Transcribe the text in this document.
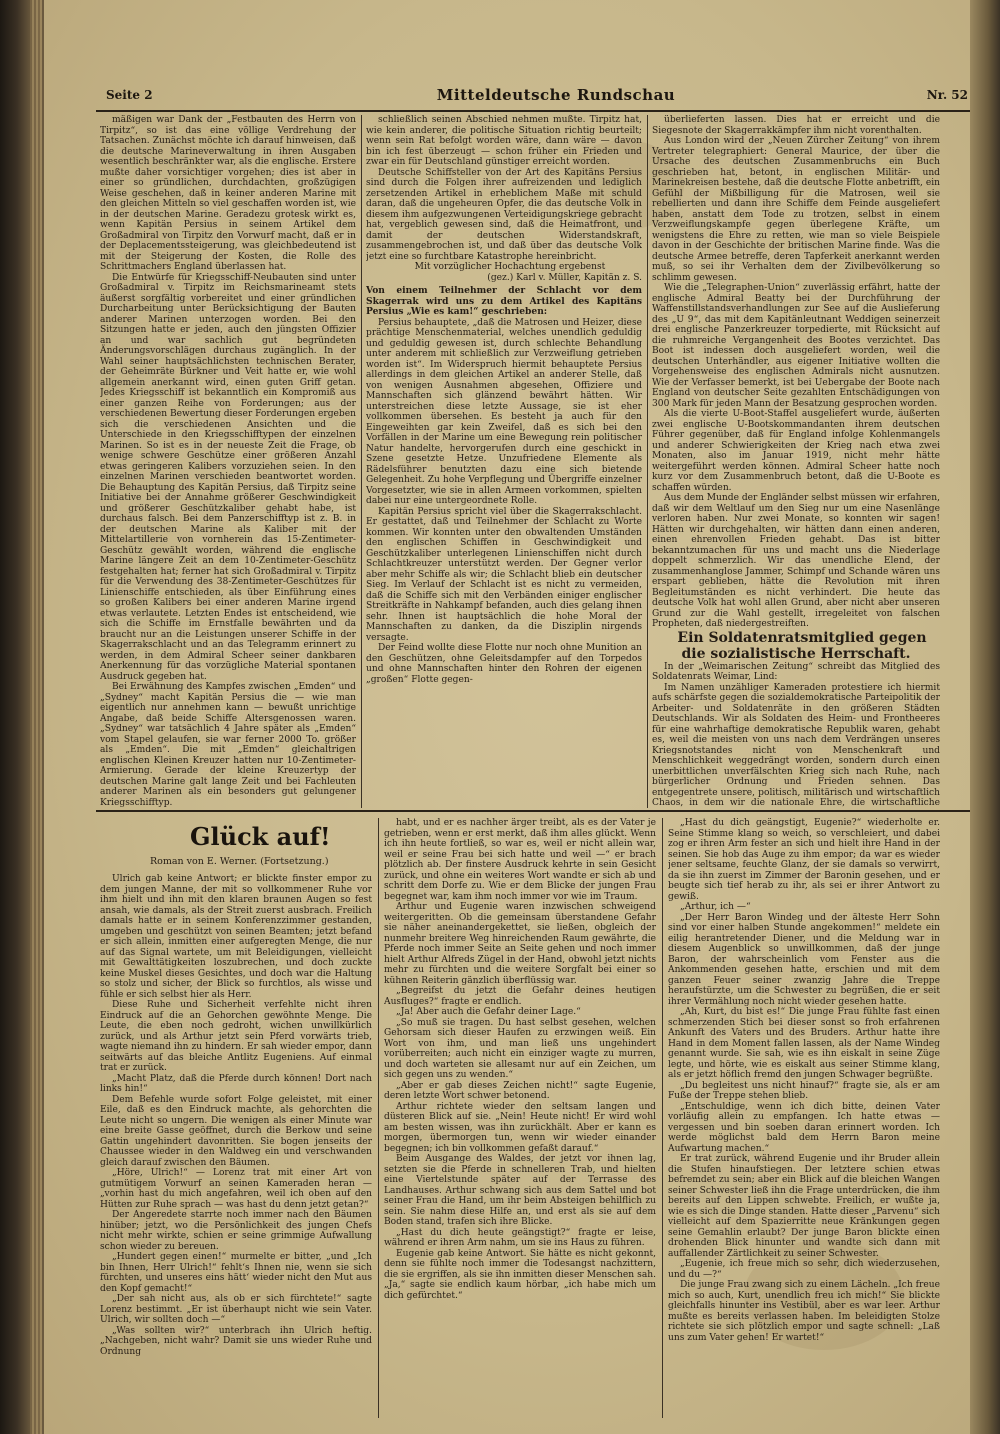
Seite 2	Mitteldeutsche Rundschau	Nr. 52

mäßigen war Dank der „Festbauten des Herrn von Tirpitz“, so ist das eine völlige Verdrehung der Tatsachen. Zunächst möchte ich darauf hinweisen, daß die deutsche Marineverwaltung in ihren Ausgaben wesentlich beschränkter war, als die englische. Erstere mußte daher vorsichtiger vorgehen; dies ist aber in einer so gründlichen, durchdachten, großzügigen Weise geschehen, daß in keiner anderen Marine mit den gleichen Mitteln so viel geschaffen worden ist, wie in der deutschen Marine. Geradezu grotesk wirkt es, wenn Kapitän Persius in seinem Artikel dem Großadmiral von Tirpitz den Vorwurf macht, daß er in der Deplacementssteigerung, was gleichbedeutend ist mit der Steigerung der Kosten, die Rolle des Schrittmachers England überlassen hat.

Die Entwürfe für Kriegsschiff-Neubauten sind unter Großadmiral v. Tirpitz im Reichsmarineamt stets äußerst sorgfältig vorbereitet und einer gründlichen Durcharbeitung unter Berücksichtigung der Bauten anderer Marinen unterzogen worden. Bei den Sitzungen hatte er jeden, auch den jüngsten Offizier an und war sachlich gut begründeten Änderungsvorschlägen durchaus zugänglich. In der Wahl seiner hauptsächlichsten technischen Berater, der Geheimräte Bürkner und Veit hatte er, wie wohl allgemein anerkannt wird, einen guten Griff getan. Jedes Kriegsschiff ist bekanntlich ein Kompromiß aus einer ganzen Reihe von Forderungen; aus der verschiedenen Bewertung dieser Forderungen ergeben sich die verschiedenen Ansichten und die Unterschiede in den Kriegsschifftypen der einzelnen Marinen. So ist es in der neueste Zeit die Frage, ob wenige schwere Geschütze einer größeren Anzahl etwas geringeren Kalibers vorzuziehen seien. In den einzelnen Marinen verschieden beantwortet worden. Die Behauptung des Kapitän Persius, daß Tirpitz seine Initiative bei der Annahme größerer Geschwindigkeit und größerer Geschützkaliber gehabt habe, ist durchaus falsch. Bei dem Panzerschifftyp ist z. B. in der deutschen Marine als Kaliber mit der Mittelartillerie von vornherein das 15-Zentimeter-Geschütz gewählt worden, während die englische Marine längere Zeit an dem 10-Zentimeter-Geschütz festgehalten hat; ferner hat sich Großadmiral v. Tirpitz für die Verwendung des 38-Zentimeter-Geschützes für Linienschiffe entschieden, als über Einführung eines so großen Kalibers bei einer anderen Marine irgend etwas verlautete. Letzten Endes ist entscheidend, wie sich die Schiffe im Ernstfalle bewährten und da braucht nur an die Leistungen unserer Schiffe in der Skagerrakschlacht und an das Telegramm erinnert zu werden, in dem Admiral Scheer seiner dankbaren Anerkennung für das vorzügliche Material spontanen Ausdruck gegeben hat.

Bei Erwähnung des Kampfes zwischen „Emden“ und „Sydney“ macht Kapitän Persius die — wie man eigentlich nur annehmen kann — bewußt unrichtige Angabe, daß beide Schiffe Altersgenossen waren. „Sydney“ war tatsächlich 4 Jahre später als „Emden“ vom Stapel gelaufen, sie war ferner 2000 To. größer als „Emden“. Die mit „Emden“ gleichaltrigen englischen Kleinen Kreuzer hatten nur 10-Zentimeter-Armierung. Gerade der kleine Kreuzertyp der deutschen Marine galt lange Zeit und bei Fachleuten anderer Marinen als ein besonders gut gelungener Kriegsschifftyp.

schließlich seinen Abschied nehmen mußte. Tirpitz hat, wie kein anderer, die politische Situation richtig beurteilt; wenn sein Rat befolgt worden wäre, dann wäre — davon bin ich fest überzeugt — schon früher ein Frieden und zwar ein für Deutschland günstiger erreicht worden.

Deutsche Schiffsteller von der Art des Kapitäns Persius sind durch die Folgen ihrer aufreizenden und lediglich zersetzenden Artikel in erheblichem Maße mit schuld daran, daß die ungeheuren Opfer, die das deutsche Volk in diesem ihm aufgezwungenen Verteidigungskriege gebracht hat, vergeblich gewesen sind, daß die Heimatfront, und damit der deutschen Widerstandskraft, zusammengebrochen ist, und daß über das deutsche Volk jetzt eine so furchtbare Katastrophe hereinbricht.

Mit vorzüglicher Hochachtung ergebenst

(gez.) Karl v. Müller, Kapitän z. S.

Von einem Teilnehmer der Schlacht vor dem Skagerrak wird uns zu dem Artikel des Kapitäns Persius „Wie es kam!“ geschrieben:

Persius behauptete, „daß die Matrosen und Heizer, diese prächtige Menschenmaterial, welches unendlich geduldig und geduldig gewesen ist, durch schlechte Behandlung unter anderem mit schließlich zur Verzweiflung getrieben worden ist“. Im Widerspruch hiermit behauptete Persius allerdings in dem gleichen Artikel an anderer Stelle, daß von wenigen Ausnahmen abgesehen, Offiziere und Mannschaften sich glänzend bewährt hätten. Wir unterstreichen diese letzte Aussage, sie ist eher vollkommen übersehen. Es besteht ja auch für den Eingeweihten gar kein Zweifel, daß es sich bei den Vorfällen in der Marine um eine Bewegung rein politischer Natur handelte, hervorgerufen durch eine geschickt in Szene gesetzte Hetze. Unzufriedene Elemente als Rädelsführer benutzten dazu eine sich bietende Gelegenheit. Zu hohe Verpflegung und Übergriffe einzelner Vorgesetzter, wie sie in allen Armeen vorkommen, spielten dabei nur eine untergeordnete Rolle.

Kapitän Persius spricht viel über die Skagerrakschlacht. Er gestattet, daß und Teilnehmer der Schlacht zu Worte kommen. Wir konnten unter den obwaltenden Umständen den englischen Schiffen in Geschwindigkeit und Geschützkaliber unterlegenen Linienschiffen nicht durch Schlachtkreuzer unterstützt werden. Der Gegner verlor aber mehr Schiffe als wir; die Schlacht blieb ein deutscher Sieg. Im Verlauf der Schlacht ist es nicht zu vermeiden, daß die Schiffe sich mit den Verbänden einiger englischer Streitkräfte in Nahkampf befanden, auch dies gelang ihnen sehr. Ihnen ist hauptsächlich die hohe Moral der Mannschaften zu danken, da die Disziplin nirgends versagte.

Der Feind wollte diese Flotte nur noch ohne Munition an den Geschützen, ohne Geleitsdampfer auf den Torpedos und ohne Mannschaften hinter den Rohren der eigenen „großen“ Flotte gegen-

überlieferten lassen. Dies hat er erreicht und die Siegesnote der Skagerrakkämpfer ihm nicht vorenthalten.

Aus London wird der „Neuen Zürcher Zeitung“ von ihrem Vertreter telegraphiert: General Maurice, der über die Ursache des deutschen Zusammenbruchs ein Buch geschrieben hat, betont, in englischen Militär- und Marinekreisen bestehe, daß die deutsche Flotte anbetrifft, ein Gefühl der Mißbilligung für die Matrosen, weil sie rebellierten und dann ihre Schiffe dem Feinde ausgeliefert haben, anstatt dem Tode zu trotzen, selbst in einem Verzweiflungskampfe gegen überlegene Kräfte, um wenigstens die Ehre zu retten, wie man so viele Beispiele davon in der Geschichte der britischen Marine finde. Was die deutsche Armee betreffe, deren Tapferkeit anerkannt werden muß, so sei ihr Verhalten dem der Zivilbevölkerung so schlimm gewesen.

Wie die „Telegraphen-Union“ zuverlässig erfährt, hatte der englische Admiral Beatty bei der Durchführung der Waffenstillstandsverhandlungen zur See auf die Auslieferung des „U 9“, das mit dem Kapitänleutnant Weddigen seinerzeit drei englische Panzerkreuzer torpedierte, mit Rücksicht auf die ruhmreiche Vergangenheit des Bootes verzichtet. Das Boot ist indessen doch ausgeliefert worden, weil die deutschen Unterhändler, aus eigener Initiative wollten die Vorgehensweise des englischen Admirals nicht ausnutzen. Wie der Verfasser bemerkt, ist bei Uebergabe der Boote nach England von deutscher Seite gezahlten Entschädigungen von 300 Mark für jeden Mann der Besatzung gesprochen worden.

Als die vierte U-Boot-Staffel ausgeliefert wurde, äußerten zwei englische U-Bootskommandanten ihrem deutschen Führer gegenüber, daß für England infolge Kohlenmangels und anderer Schwierigkeiten der Krieg nach etwa zwei Monaten, also im Januar 1919, nicht mehr hätte weitergeführt werden können. Admiral Scheer hatte noch kurz vor dem Zusammenbruch betont, daß die U-Boote es schaffen würden.

Aus dem Munde der Engländer selbst müssen wir erfahren, daß wir dem Weltlauf um den Sieg nur um eine Nasenlänge verloren haben. Nur zwei Monate, so konnten wir sagen! Hätten wir durchgehalten, wir hätten dann einen anderen, einen ehrenvollen Frieden gehabt. Das ist bitter bekanntzumachen für uns und macht uns die Niederlage doppelt schmerzlich. Wir das unendliche Elend, der zusammenhanglose Jammer, Schimpf und Schande wären uns erspart geblieben, hätte die Revolution mit ihren Begleitumständen es nicht verhindert. Die heute das deutsche Volk hat wohl allen Grund, aber nicht aber unseren Grund zur die Wahl gestellt, irregeleitet von falschen Propheten, daß niedergestreiften.

Ein Soldatenratsmitglied gegen die sozialistische Herrschaft.

In der „Weimarischen Zeitung“ schreibt das Mitglied des Soldatenrats Weimar, Lind:

Im Namen unzähliger Kameraden protestiere ich hiermit aufs schärfste gegen die sozialdemokratische Parteipolitik der Arbeiter- und Soldatenräte in den größeren Städten Deutschlands. Wir als Soldaten des Heim- und Frontheeres für eine wahrhaftige demokratische Republik waren, gehabt es, weil die meisten von uns nach dem Verdrängen unseres Kriegsnotstandes nicht von Menschenkraft und Menschlichkeit weggedrängt worden, sondern durch einen unerbittlichen unverfälschten Krieg sich nach Ruhe, nach bürgerlicher Ordnung und Frieden sehnen. Das entgegentrete unsere, politisch, militärisch und wirtschaftlich Chaos, in dem wir die nationale Ehre, die wirtschaftliche

Glück auf!
Roman von E. Werner. (Fortsetzung.)

Ulrich gab keine Antwort; er blickte finster empor zu dem jungen Manne, der mit so vollkommener Ruhe vor ihm hielt und ihn mit den klaren braunen Augen so fest ansah, wie damals, als der Streit zuerst ausbrach. Freilich damals hatte er in seinem Konferenzzimmer gestanden, umgeben und geschützt von seinen Beamten; jetzt befand er sich allein, inmitten einer aufgeregten Menge, die nur auf das Signal wartete, um mit Beleidigungen, vielleicht mit Gewalttätigkeiten loszubrechen, und doch zuckte keine Muskel dieses Gesichtes, und doch war die Haltung so stolz und sicher, der Blick so furchtlos, als wisse und fühle er sich selbst hier als Herr.

Diese Ruhe und Sicherheit verfehlte nicht ihren Eindruck auf die an Gehorchen gewöhnte Menge. Die Leute, die eben noch gedroht, wichen unwillkürlich zurück, und als Arthur jetzt sein Pferd vorwärts trieb, wagte niemand ihn zu hindern. Er sah wieder empor, dann seitwärts auf das bleiche Antlitz Eugeniens. Auf einmal trat er zurück.

„Macht Platz, daß die Pferde durch können! Dort nach links hin!“

Dem Befehle wurde sofort Folge geleistet, mit einer Eile, daß es den Eindruck machte, als gehorchten die Leute nicht so ungern. Die wenigen als einer Minute war eine breite Gasse geöffnet, durch die Berkow und seine Gattin ungehindert davonritten. Sie bogen jenseits der Chaussee wieder in den Waldweg ein und verschwanden gleich darauf zwischen den Bäumen.

„Höre, Ulrich!“ — Lorenz trat mit einer Art von gutmütigem Vorwurf an seinen Kameraden heran — „vorhin hast du mich angefahren, weil ich oben auf den Hütten zur Ruhe sprach — was hast du denn jetzt getan?“

Der Angeredete starrte noch immer nach den Bäumen hinüber; jetzt, wo die Persönlichkeit des jungen Chefs nicht mehr wirkte, schien er seine grimmige Aufwallung schon wieder zu bereuen.

„Hundert gegen einen!“ murmelte er bitter, „und „Ich bin Ihnen, Herr Ulrich!“ fehlt‘s Ihnen nie, wenn sie sich fürchten, und unseres eins hätt‘ wieder nicht den Mut aus den Kopf gemacht!“

„Der sah nicht aus, als ob er sich fürchtete!“ sagte Lorenz bestimmt. „Er ist überhaupt nicht wie sein Vater. Ulrich, wir sollten doch —“

„Was sollten wir?“ unterbrach ihn Ulrich heftig. „Nachgeben, nicht wahr? Damit sie uns wieder Ruhe und Ordnung

habt, und er es nachher ärger treibt, als es der Vater je getrieben, wenn er erst merkt, daß ihm alles glückt. Wenn ich ihn heute fortließ, so war es, weil er nicht allein war, weil er seine Frau bei sich hatte und weil —“ er brach plötzlich ab. Der finstere Ausdruck kehrte in sein Gesicht zurück, und ohne ein weiteres Wort wandte er sich ab und schritt dem Dorfe zu. Wie er dem Blicke der jungen Frau begegnet war, kam ihm noch immer vor wie im Traum.

Arthur und Eugenie waren inzwischen schweigend weitergeritten. Ob die gemeinsam überstandene Gefahr sie näher aneinandergekettet, sie ließen, obgleich der nunmehr breitere Weg hinreichenden Raum gewährte, die Pferde noch immer Seite an Seite gehen und noch immer hielt Arthur Alfreds Zügel in der Hand, obwohl jetzt nichts mehr zu fürchten und die weitere Sorgfalt bei einer so kühnen Reiterin gänzlich überflüssig war.

„Begreifst du jetzt die Gefahr deines heutigen Ausfluges?“ fragte er endlich.

„Ja! Aber auch die Gefahr deiner Lage.“

„So muß sie tragen. Du hast selbst gesehen, welchen Gehorsam sich dieser Haufen zu erzwingen weiß. Ein Wort von ihm, und man ließ uns ungehindert vorüberreiten; auch nicht ein einziger wagte zu murren, und doch warteten sie allesamt nur auf ein Zeichen, um sich gegen uns zu wenden.“

„Aber er gab dieses Zeichen nicht!“ sagte Eugenie, deren letzte Wort schwer betonend.

Arthur richtete wieder den seltsam langen und düsteren Blick auf sie. „Nein! Heute nicht! Er wird wohl am besten wissen, was ihn zurückhält. Aber er kann es morgen, übermorgen tun, wenn wir wieder einander begegnen; ich bin vollkommen gefaßt darauf.“

Beim Ausgange des Waldes, der jetzt vor ihnen lag, setzten sie die Pferde in schnelleren Trab, und hielten eine Viertelstunde später auf der Terrasse des Landhauses. Arthur schwang sich aus dem Sattel und bot seiner Frau die Hand, um ihr beim Absteigen behilflich zu sein. Sie nahm diese Hilfe an, und erst als sie auf dem Boden stand, trafen sich ihre Blicke.

„Hast du dich heute geängstigt?“ fragte er leise, während er ihren Arm nahm, um sie ins Haus zu führen.

Eugenie gab keine Antwort. Sie hätte es nicht gekonnt, denn sie fühlte noch immer die Todesangst nachzittern, die sie ergriffen, als sie ihn inmitten dieser Menschen sah. „Ja,“ sagte sie endlich kaum hörbar, „ich habe mich um dich gefürchtet.“

„Hast du dich geängstigt, Eugenie?“ wiederholte er. Seine Stimme klang so weich, so verschleiert, und dabei zog er ihren Arm fester an sich und hielt ihre Hand in der seinen. Sie hob das Auge zu ihm empor; da war es wieder jener seltsame, feuchte Glanz, der sie damals so verwirrt, da sie ihn zuerst im Zimmer der Baronin gesehen, und er beugte sich tief herab zu ihr, als sei er ihrer Antwort zu gewiß.

„Arthur, ich —“

„Der Herr Baron Windeg und der älteste Herr Sohn sind vor einer halben Stunde angekommen!“ meldete ein eilig herantretender Diener, und die Meldung war in diesem Augenblick so unwillkommen, daß der junge Baron, der wahrscheinlich vom Fenster aus die Ankommenden gesehen hatte, erschien und mit dem ganzen Feuer seiner zwanzig Jahre die Treppe heraufstürzte, um die Schwester zu begrüßen, die er seit ihrer Vermählung noch nicht wieder gesehen hatte.

„Ah, Kurt, du bist es!“ Die junge Frau fühlte fast einen schmerzenden Stich bei dieser sonst so froh erfahrenen Ankunft des Vaters und des Bruders. Arthur hatte ihre Hand in dem Moment fallen lassen, als der Name Windeg genannt wurde. Sie sah, wie es ihn eiskalt in seine Züge legte, und hörte, wie es eiskalt aus seiner Stimme klang, als er jetzt höflich fremd den jungen Schwager begrüßte.

„Du begleitest uns nicht hinauf?“ fragte sie, als er am Fuße der Treppe stehen blieb.

„Entschuldige, wenn ich dich bitte, deinen Vater vorläufig allein zu empfangen. Ich hatte etwas — vergessen und bin soeben daran erinnert worden. Ich werde möglichst bald dem Herrn Baron meine Aufwartung machen.“

Er trat zurück, während Eugenie und ihr Bruder allein die Stufen hinaufstiegen. Der letztere schien etwas befremdet zu sein; aber ein Blick auf die bleichen Wangen seiner Schwester ließ ihn die Frage unterdrücken, die ihm bereits auf den Lippen schwebte. Freilich, er wußte ja, wie es sich die Dinge standen. Hatte dieser „Parvenu“ sich vielleicht auf dem Spazierritte neue Kränkungen gegen seine Gemahlin erlaubt? Der junge Baron blickte einen drohenden Blick hinunter und wandte sich dann mit auffallender Zärtlichkeit zu seiner Schwester.

„Eugenie, ich freue mich so sehr, dich wiederzusehen, und du —?“

Die junge Frau zwang sich zu einem Lächeln. „Ich freue mich so auch, Kurt, unendlich freu ich mich!“ Sie blickte gleichfalls hinunter ins Vestibül, aber es war leer. Arthur mußte es bereits verlassen haben. Im beleidigten Stolze richtete sie sich plötzlich empor und sagte schnell: „Laß uns zum Vater gehen! Er wartet!“
